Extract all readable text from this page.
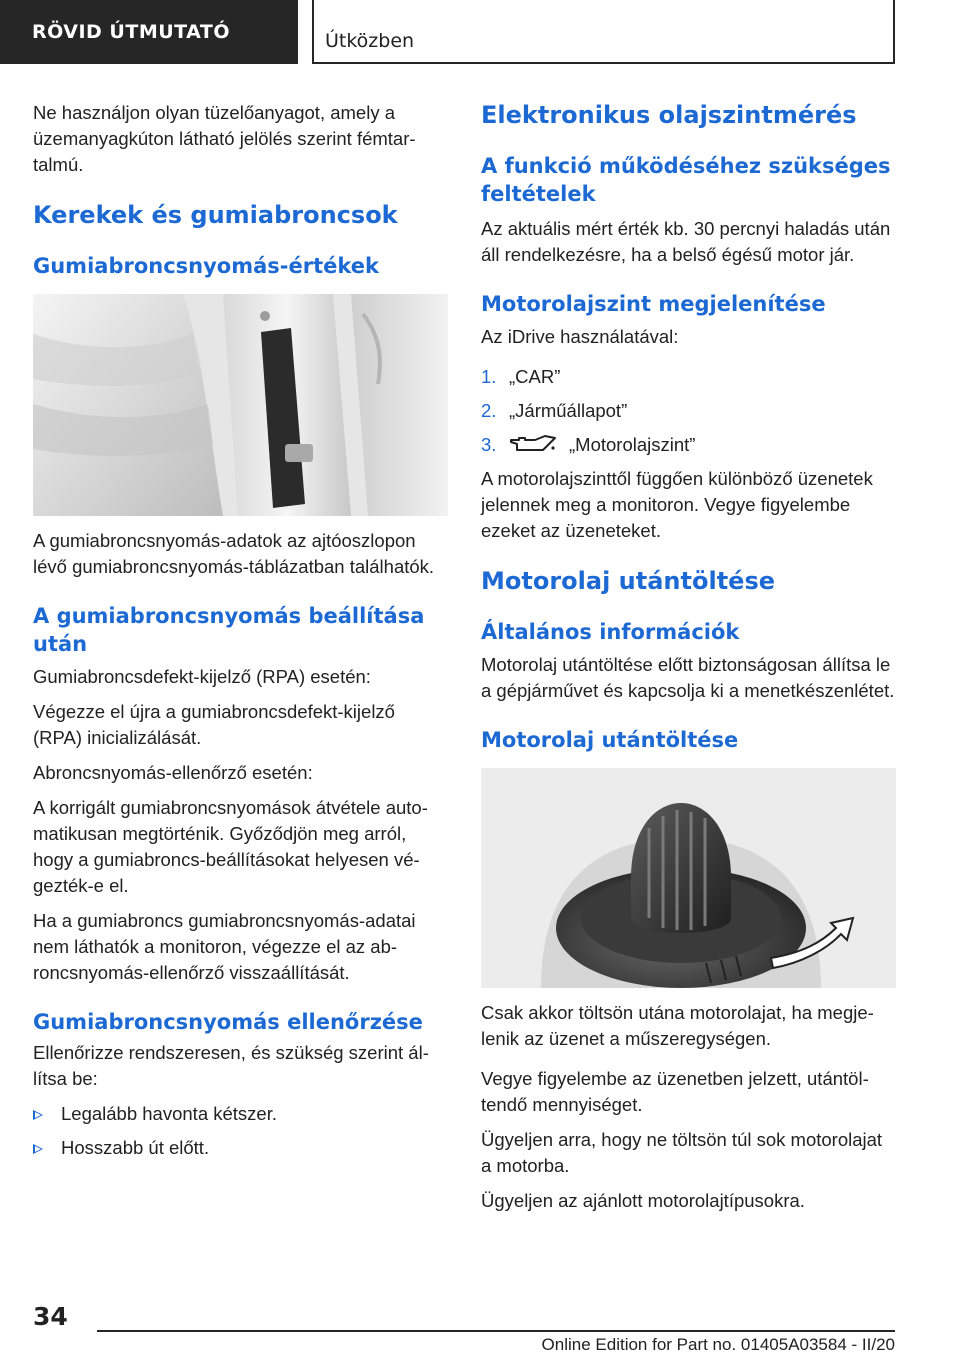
RÖVID ÚTMUTATÓ	Útközben

Ne használjon olyan tüzelőanyagot, amely a üzemanyagkúton látható jelölés szerint fémtartalmú.

Kerekek és gumiabroncsok
Gumiabroncsnyomás-értékek

A gumiabroncsnyomás-adatok az ajtóoszlopon lévő gumiabroncsnyomás-táblázatban találhatók.

A gumiabroncsnyomás beállítása után

Gumiabroncsdefekt-kijelző (RPA) esetén:

Végezze el újra a gumiabroncsdefekt-kijelző (RPA) inicializálását.

Abroncsnyomás-ellenőrző esetén:

A korrigált gumiabroncsnyomások átvétele automatikusan megtörténik. Győződjön meg arról, hogy a gumiabroncs-beállításokat helyesen végezték-e el.

Ha a gumiabroncs gumiabroncsnyomás-adatai nem láthatók a monitoron, végezze el az abroncsnyomás-ellenőrző visszaállítását.

Gumiabroncsnyomás ellenőrzése

Ellenőrizze rendszeresen, és szükség szerint állítsa be:

Legalább havonta kétszer.
Hosszabb út előtt.
Elektronikus olajszintmérés
A funkció működéséhez szükséges feltételek

Az aktuális mért érték kb. 30 percnyi haladás után áll rendelkezésre, ha a belső égésű motor jár.

Motorolajszint megjelenítése

Az iDrive használatával:

1. „CAR”
2. „Járműállapot”
3.	„Motorolajszint”

A motorolajszinttől függően különböző üzenetek jelennek meg a monitoron. Vegye figyelembe ezeket az üzeneteket.

Motorolaj utántöltése
Általános információk

Motorolaj utántöltése előtt biztonságosan állítsa le a gépjárművet és kapcsolja ki a menetkészenlétet.

Motorolaj utántöltése

Csak akkor töltsön utána motorolajat, ha megjelenik az üzenet a műszeregységen.

Vegye figyelembe az üzenetben jelzett, utántöltendő mennyiséget.

Ügyeljen arra, hogy ne töltsön túl sok motorolajat a motorba.

Ügyeljen az ajánlott motorolajtípusokra.

34
Online Edition for Part no. 01405A03584 - II/20
